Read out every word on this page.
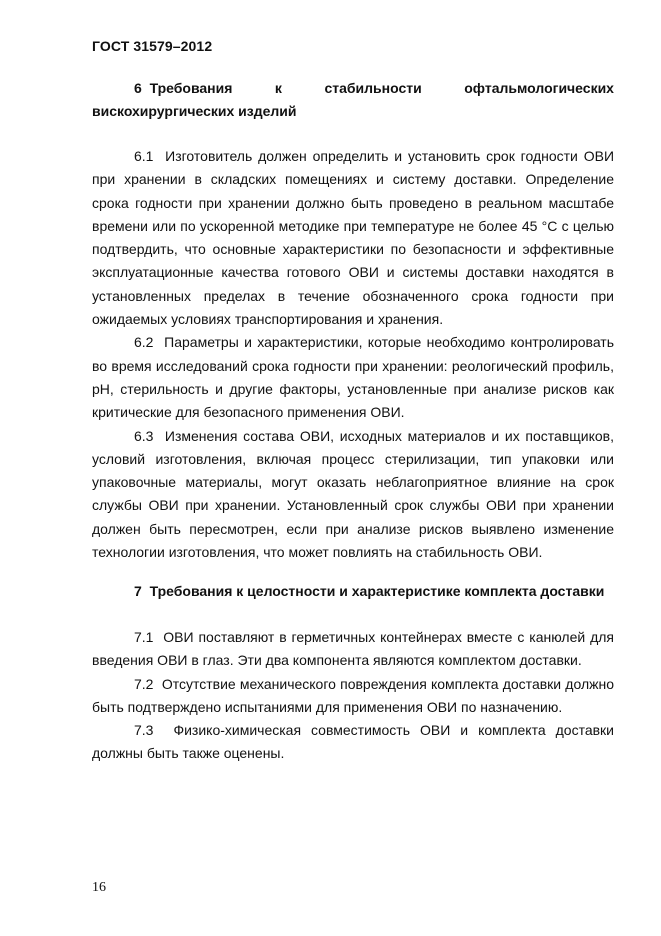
ГОСТ 31579–2012
6 Требования	к	стабильности	офтальмологических
вискохирургических изделий

6.1 Изготовитель должен определить и установить срок годности ОВИ при хранении в складских помещениях и систему доставки. Определение срока годности при хранении должно быть проведено в реальном масштабе времени или по ускоренной методике при температуре не более 45 °С с целью подтвердить, что основные характеристики по безопасности и эффективные эксплуатационные качества готового ОВИ и системы доставки находятся в установленных пределах в течение обозначенного срока годности при ожидаемых условиях транспортирования и хранения.

6.2 Параметры и характеристики, которые необходимо контролировать во время исследований срока годности при хранении: реологический профиль, рН, стерильность и другие факторы, установленные при анализе рисков как критические для безопасного применения ОВИ.

6.3 Изменения состава ОВИ, исходных материалов и их поставщиков, условий изготовления, включая процесс стерилизации, тип упаковки или упаковочные материалы, могут оказать неблагоприятное влияние на срок службы ОВИ при хранении. Установленный срок службы ОВИ при хранении должен быть пересмотрен, если при анализе рисков выявлено изменение технологии изготовления, что может повлиять на стабильность ОВИ.

7 Требования к целостности и характеристике комплекта доставки

7.1 ОВИ поставляют в герметичных контейнерах вместе с канюлей для введения ОВИ в глаз. Эти два компонента являются комплектом доставки.

7.2 Отсутствие механического повреждения комплекта доставки должно быть подтверждено испытаниями для применения ОВИ по назначению.

7.3 Физико-химическая совместимость ОВИ и комплекта доставки должны быть также оценены.

16
